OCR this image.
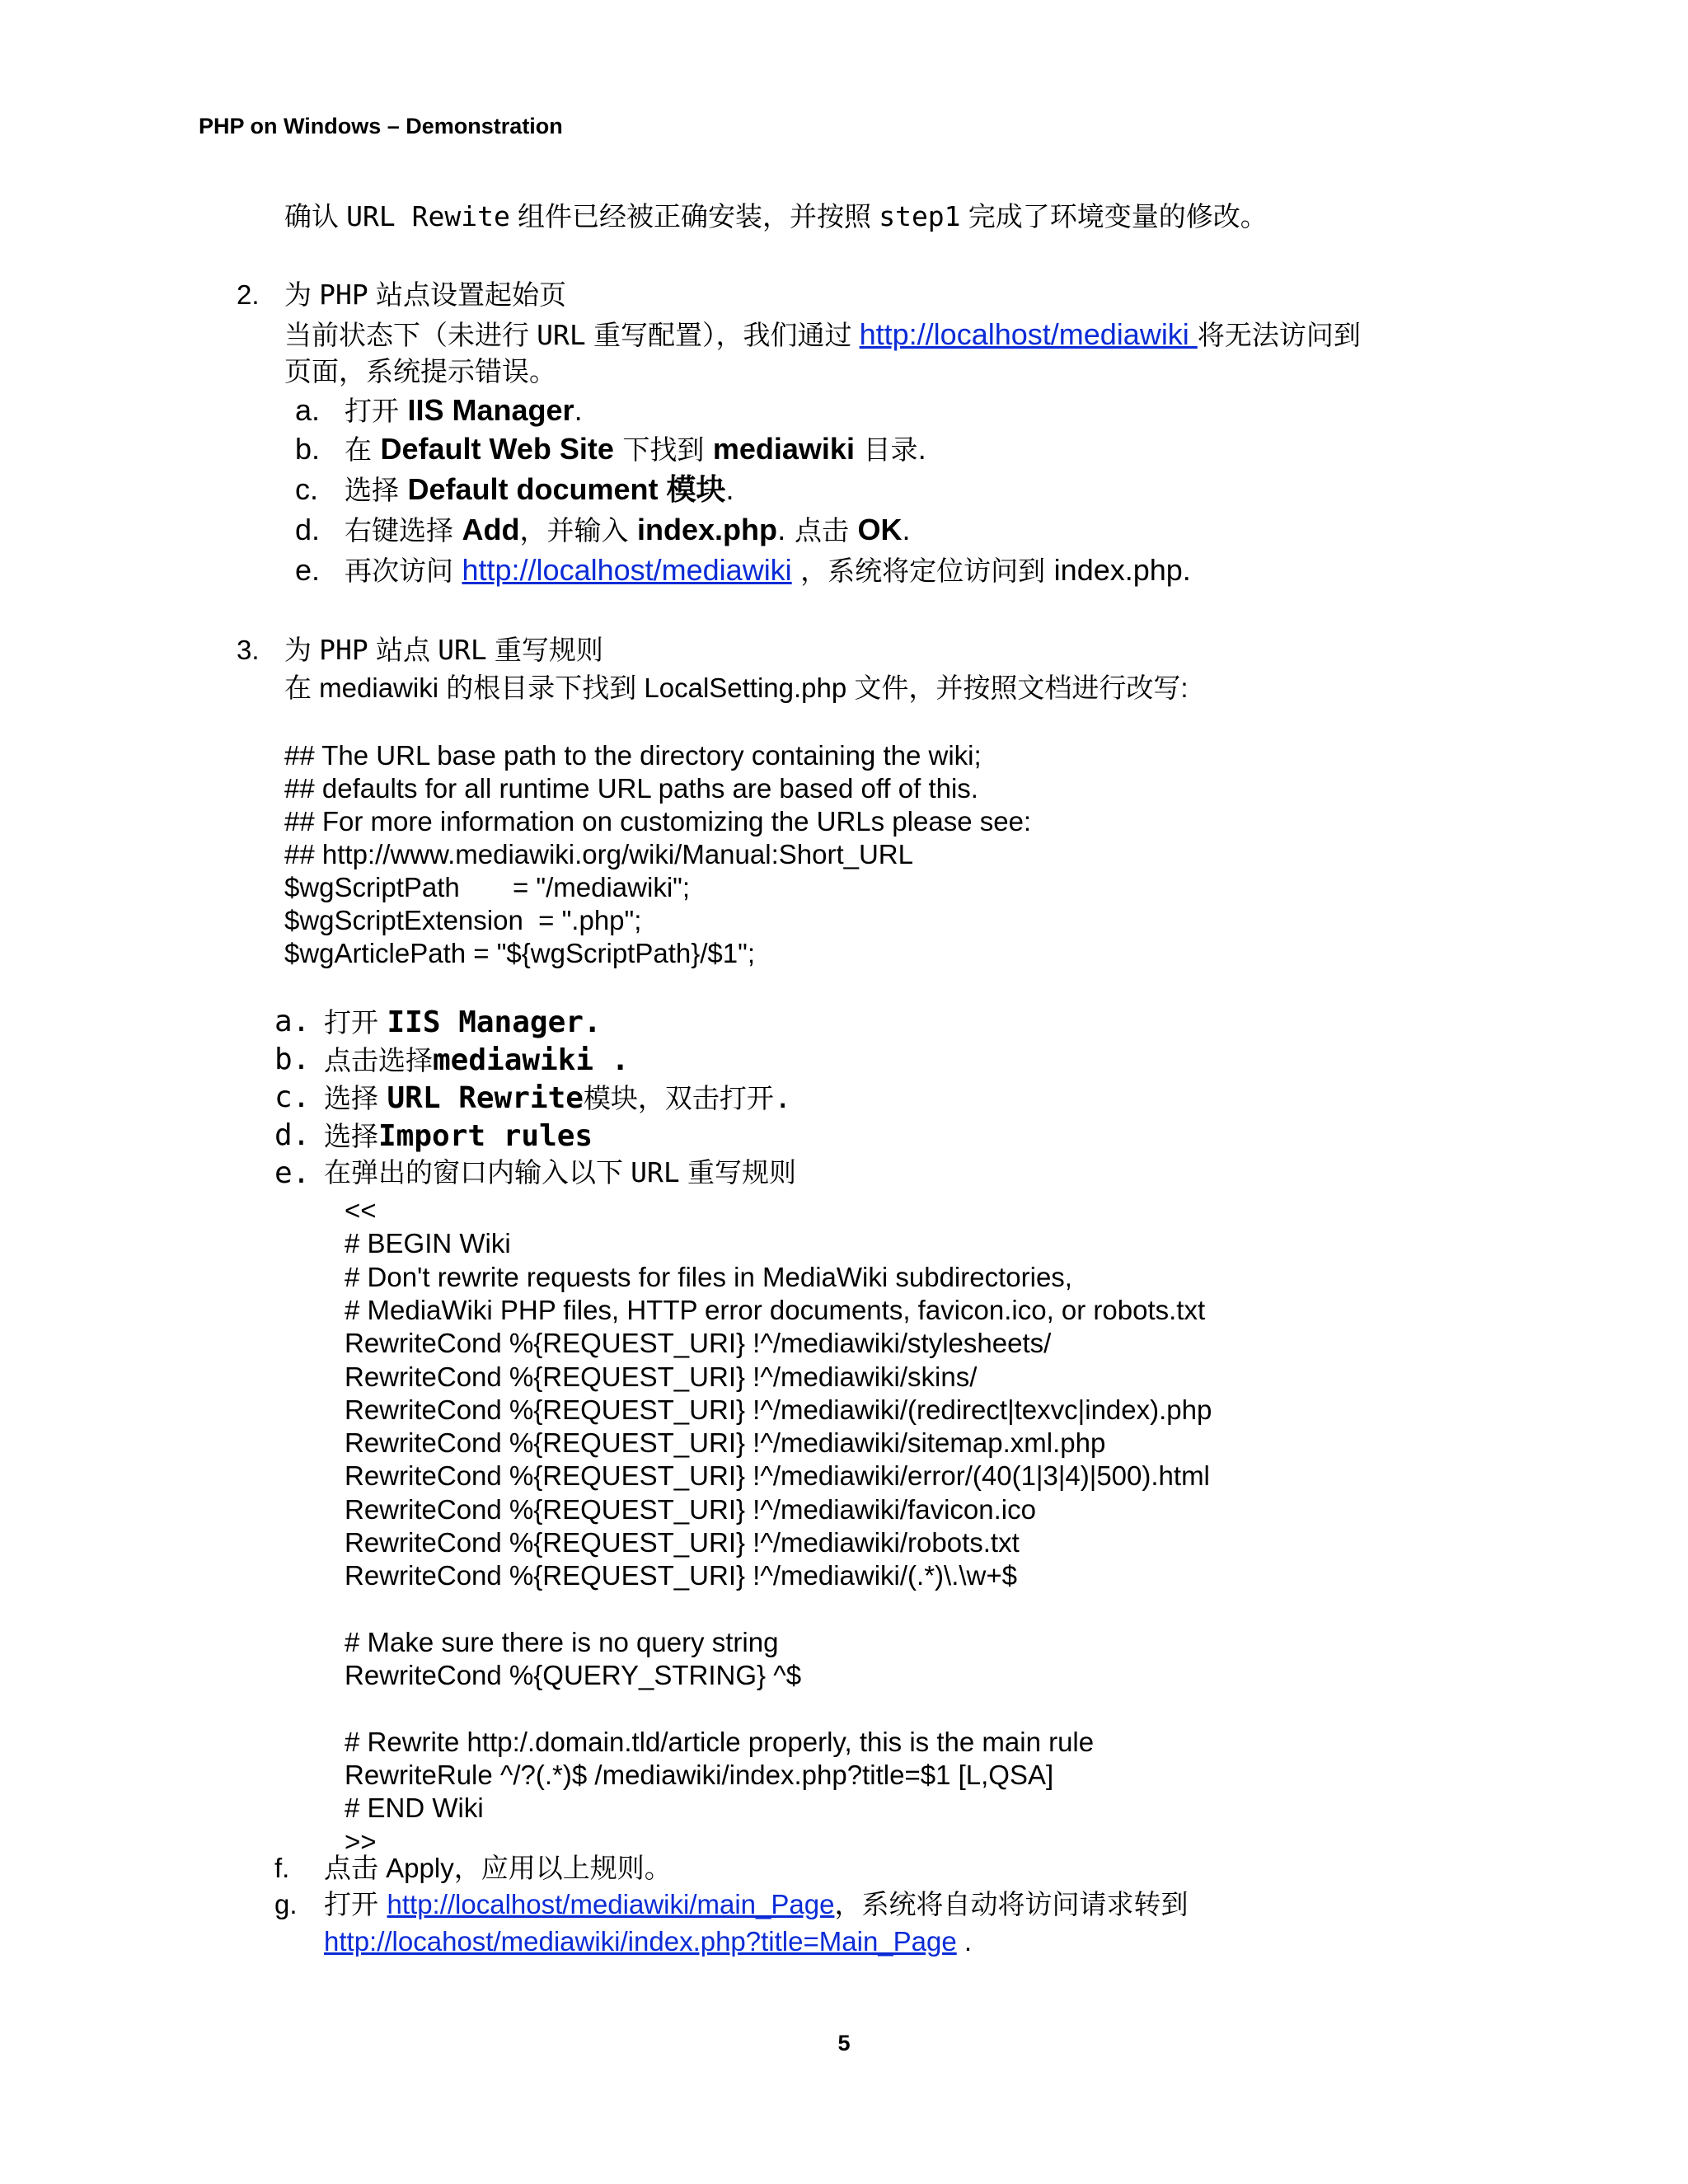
PHP on Windows – Demonstration
确认 URL Rewite 组件已经被正确安装，并按照 step1 完成了环境变量的修改。
2. 为 PHP 站点设置起始页
当前状态下（未进行 URL 重写配置），我们通过 http://localhost/mediawiki 将无法访问到
页面，系统提示错误。
a. 打开 IIS Manager.
b. 在 Default Web Site 下找到 mediawiki 目录.
c. 选择 Default document 模块.
d. 右键选择 Add，并输入 index.php. 点击 OK.
e. 再次访问 http://localhost/mediawiki ，系统将定位访问到 index.php.
3. 为 PHP 站点 URL 重写规则
在 mediawiki 的根目录下找到 LocalSetting.php 文件，并按照文档进行改写:
## The URL base path to the directory containing the wiki;
## defaults for all runtime URL paths are based off of this.
## For more information on customizing the URLs please see:
## http://www.mediawiki.org/wiki/Manual:Short_URL
$wgScriptPath       = "/mediawiki";
$wgScriptExtension  = ".php";
$wgArticlePath = "${wgScriptPath}/$1";
a. 打开 IIS Manager.
b. 点击选择mediawiki .
c. 选择 URL Rewrite模块，双击打开.
d. 选择Import rules
e. 在弹出的窗口内输入以下 URL 重写规则
<<
# BEGIN Wiki
# Don't rewrite requests for files in MediaWiki subdirectories,
# MediaWiki PHP files, HTTP error documents, favicon.ico, or robots.txt
RewriteCond %{REQUEST_URI} !^/mediawiki/stylesheets/
RewriteCond %{REQUEST_URI} !^/mediawiki/skins/
RewriteCond %{REQUEST_URI} !^/mediawiki/(redirect|texvc|index).php
RewriteCond %{REQUEST_URI} !^/mediawiki/sitemap.xml.php
RewriteCond %{REQUEST_URI} !^/mediawiki/error/(40(1|3|4)|500).html
RewriteCond %{REQUEST_URI} !^/mediawiki/favicon.ico
RewriteCond %{REQUEST_URI} !^/mediawiki/robots.txt
RewriteCond %{REQUEST_URI} !^/mediawiki/(.*)\.\w+$
# Make sure there is no query string
RewriteCond %{QUERY_STRING} ^$
# Rewrite http:/.domain.tld/article properly, this is the main rule
RewriteRule ^/?(.*)$ /mediawiki/index.php?title=$1 [L,QSA]
# END Wiki
>>
f. 点击 Apply，应用以上规则。
g. 打开 http://localhost/mediawiki/main_Page，系统将自动将访问请求转到
http://locahost/mediawiki/index.php?title=Main_Page .
5
